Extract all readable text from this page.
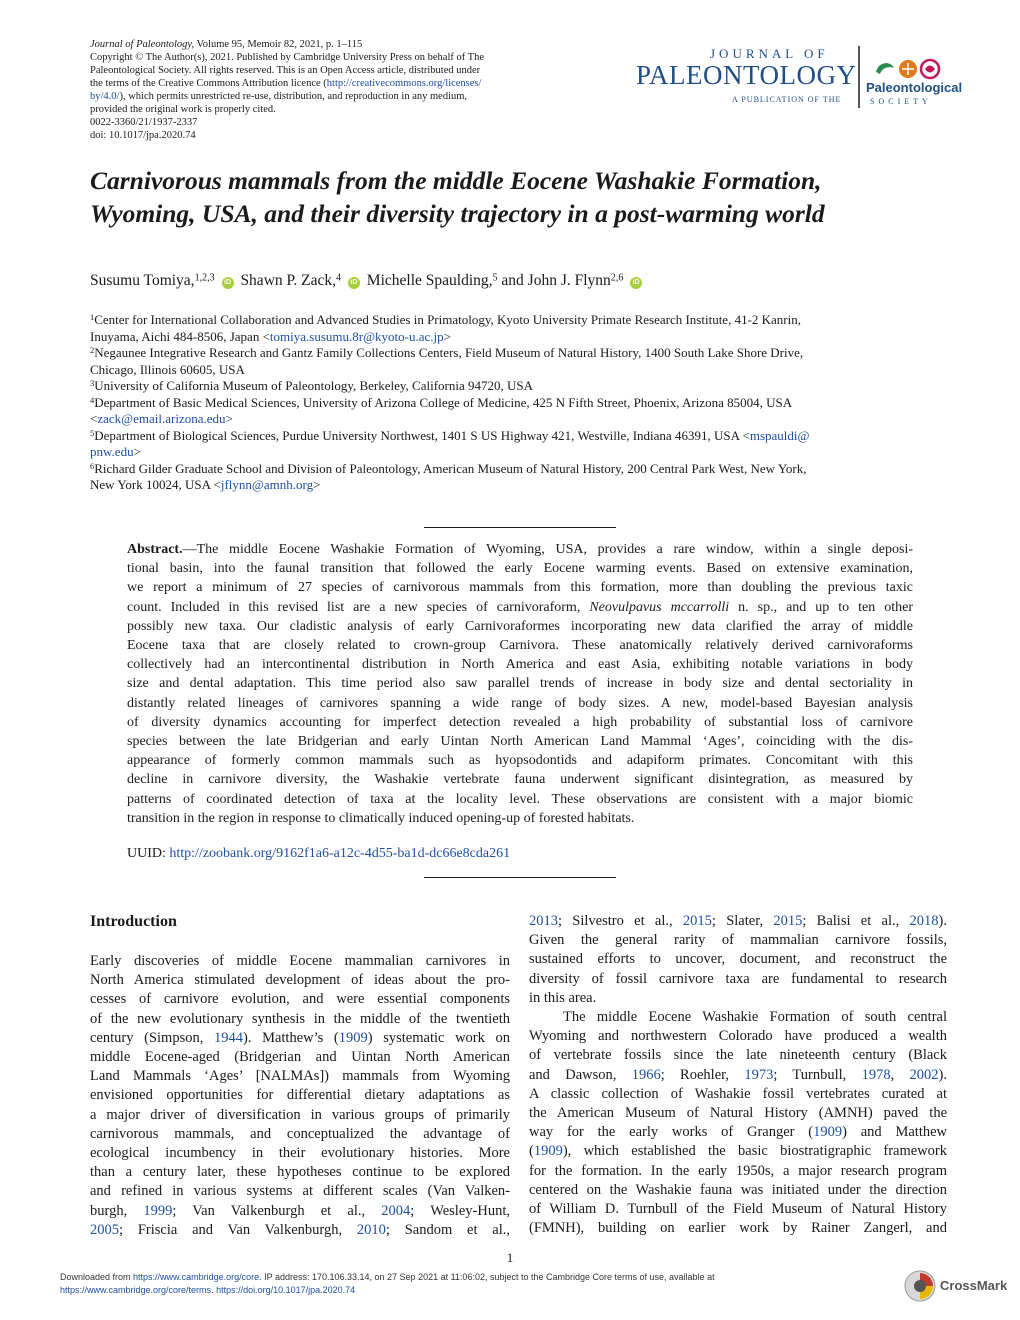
Journal of Paleontology, Volume 95, Memoir 82, 2021, p. 1–115
Copyright © The Author(s), 2021. Published by Cambridge University Press on behalf of The
Paleontological Society. All rights reserved. This is an Open Access article, distributed under
the terms of the Creative Commons Attribution licence (http://creativecommons.org/licenses/
by/4.0/), which permits unrestricted re-use, distribution, and reproduction in any medium,
provided the original work is properly cited.
0022-3360/21/1937-2337
doi: 10.1017/jpa.2020.74
JOURNAL OF
PALEONTOLOGY
A PUBLICATION OF THE
Paleontological
SOCIETY
Carnivorous mammals from the middle Eocene Washakie Formation,
Wyoming, USA, and their diversity trajectory in a post-warming world
Susumu Tomiya,$^{1,2,3}$ iD Shawn P. Zack,$^4$ iD Michelle Spaulding,$^5$ and John J. Flynn$^{2,6}$ iD
$^1$Center for International Collaboration and Advanced Studies in Primatology, Kyoto University Primate Research Institute, 41-2 Kanrin,
Inuyama, Aichi 484-8506, Japan <tomiya.susumu.8r@kyoto-u.ac.jp>
$^2$Negaunee Integrative Research and Gantz Family Collections Centers, Field Museum of Natural History, 1400 South Lake Shore Drive,
Chicago, Illinois 60605, USA
$^3$University of California Museum of Paleontology, Berkeley, California 94720, USA
$^4$Department of Basic Medical Sciences, University of Arizona College of Medicine, 425 N Fifth Street, Phoenix, Arizona 85004, USA
<zack@email.arizona.edu>
$^5$Department of Biological Sciences, Purdue University Northwest, 1401 S US Highway 421, Westville, Indiana 46391, USA <mspauldi@
pnw.edu>
$^6$Richard Gilder Graduate School and Division of Paleontology, American Museum of Natural History, 200 Central Park West, New York,
New York 10024, USA <jflynn@amnh.org>
Abstract.—The middle Eocene Washakie Formation of Wyoming, USA, provides a rare window, within a single deposi-
tional basin, into the faunal transition that followed the early Eocene warming events. Based on extensive examination,
we report a minimum of 27 species of carnivorous mammals from this formation, more than doubling the previous taxic
count. Included in this revised list are a new species of carnivoraform, Neovulpavus mccarrolli n. sp., and up to ten other
possibly new taxa. Our cladistic analysis of early Carnivoraformes incorporating new data clarified the array of middle
Eocene taxa that are closely related to crown-group Carnivora. These anatomically relatively derived carnivoraforms
collectively had an intercontinental distribution in North America and east Asia, exhibiting notable variations in body
size and dental adaptation. This time period also saw parallel trends of increase in body size and dental sectoriality in
distantly related lineages of carnivores spanning a wide range of body sizes. A new, model-based Bayesian analysis
of diversity dynamics accounting for imperfect detection revealed a high probability of substantial loss of carnivore
species between the late Bridgerian and early Uintan North American Land Mammal ‘Ages’, coinciding with the dis-
appearance of formerly common mammals such as hyopsodontids and adapiform primates. Concomitant with this
decline in carnivore diversity, the Washakie vertebrate fauna underwent significant disintegration, as measured by
patterns of coordinated detection of taxa at the locality level. These observations are consistent with a major biomic
transition in the region in response to climatically induced opening-up of forested habitats.
UUID: http://zoobank.org/9162f1a6-a12c-4d55-ba1d-dc66e8cda261
Introduction
Early discoveries of middle Eocene mammalian carnivores in
North America stimulated development of ideas about the pro-
cesses of carnivore evolution, and were essential components
of the new evolutionary synthesis in the middle of the twentieth
century (Simpson, 1944). Matthew’s (1909) systematic work on
middle Eocene-aged (Bridgerian and Uintan North American
Land Mammals ‘Ages’ [NALMAs]) mammals from Wyoming
envisioned opportunities for differential dietary adaptations as
a major driver of diversification in various groups of primarily
carnivorous mammals, and conceptualized the advantage of
ecological incumbency in their evolutionary histories. More
than a century later, these hypotheses continue to be explored
and refined in various systems at different scales (Van Valken-
burgh, 1999; Van Valkenburgh et al., 2004; Wesley-Hunt,
2005; Friscia and Van Valkenburgh, 2010; Sandom et al.,
2013; Silvestro et al., 2015; Slater, 2015; Balisi et al., 2018).
Given the general rarity of mammalian carnivore fossils,
sustained efforts to uncover, document, and reconstruct the
diversity of fossil carnivore taxa are fundamental to research
in this area.
The middle Eocene Washakie Formation of south central
Wyoming and northwestern Colorado have produced a wealth
of vertebrate fossils since the late nineteenth century (Black
and Dawson, 1966; Roehler, 1973; Turnbull, 1978, 2002).
A classic collection of Washakie fossil vertebrates curated at
the American Museum of Natural History (AMNH) paved the
way for the early works of Granger (1909) and Matthew
(1909), which established the basic biostratigraphic framework
for the formation. In the early 1950s, a major research program
centered on the Washakie fauna was initiated under the direction
of William D. Turnbull of the Field Museum of Natural History
(FMNH), building on earlier work by Rainer Zangerl, and
1
Downloaded from https://www.cambridge.org/core. IP address: 170.106.33.14, on 27 Sep 2021 at 11:06:02, subject to the Cambridge Core terms of use, available at
https://www.cambridge.org/core/terms. https://doi.org/10.1017/jpa.2020.74	CrossMark
